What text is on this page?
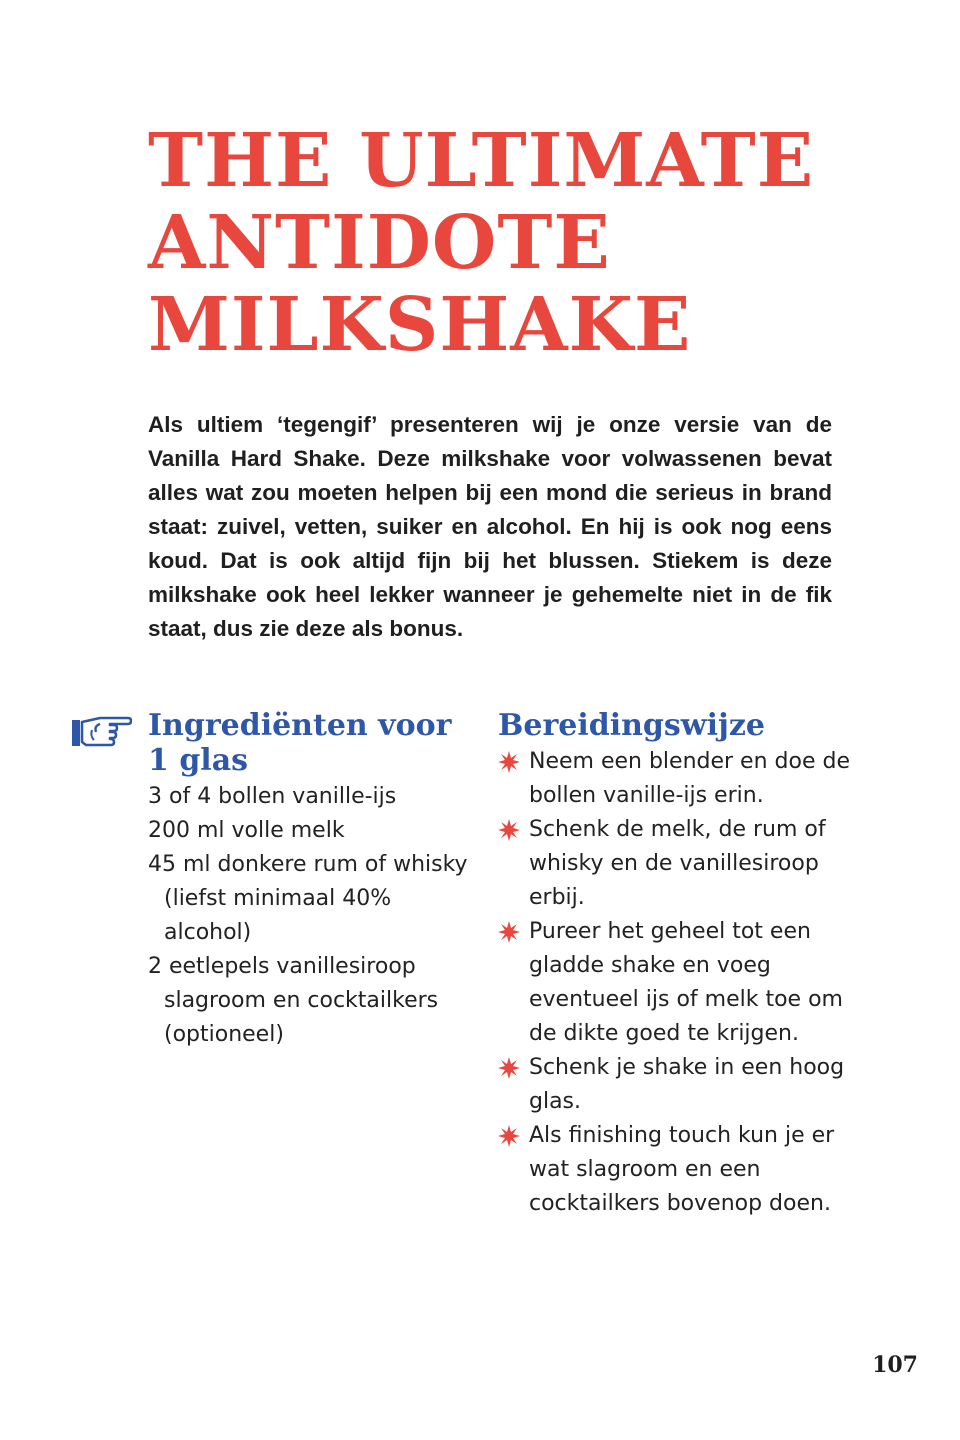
THE ULTIMATE
ANTIDOTE
MILKSHAKE

Als ultiem ‘tegengif’ presenteren wij je onze versie van de Vanilla Hard Shake. Deze milkshake voor volwassenen bevat alles wat zou moeten helpen bij een mond die serieus in brand staat: zuivel, vetten, suiker en alcohol. En hij is ook nog eens koud. Dat is ook altijd fijn bij het blussen. Stiekem is deze milkshake ook heel lekker wanneer je gehemelte niet in de fik staat, dus zie deze als bonus.

Ingrediënten voor 1 glas
3 of 4 bollen vanille-ijs
200 ml volle melk
45 ml donkere rum of whisky (liefst minimaal 40% alcohol)
2 eetlepels vanillesiroop slagroom en cocktailkers (optioneel)
Bereidingswijze
Neem een blender en doe de bollen vanille-ijs erin.
Schenk de melk, de rum of whisky en de vanillesiroop erbij.
Pureer het geheel tot een gladde shake en voeg eventueel ijs of melk toe om de dikte goed te krijgen.
Schenk je shake in een hoog glas.
Als finishing touch kun je er wat slagroom en een cocktailkers bovenop doen.
107
